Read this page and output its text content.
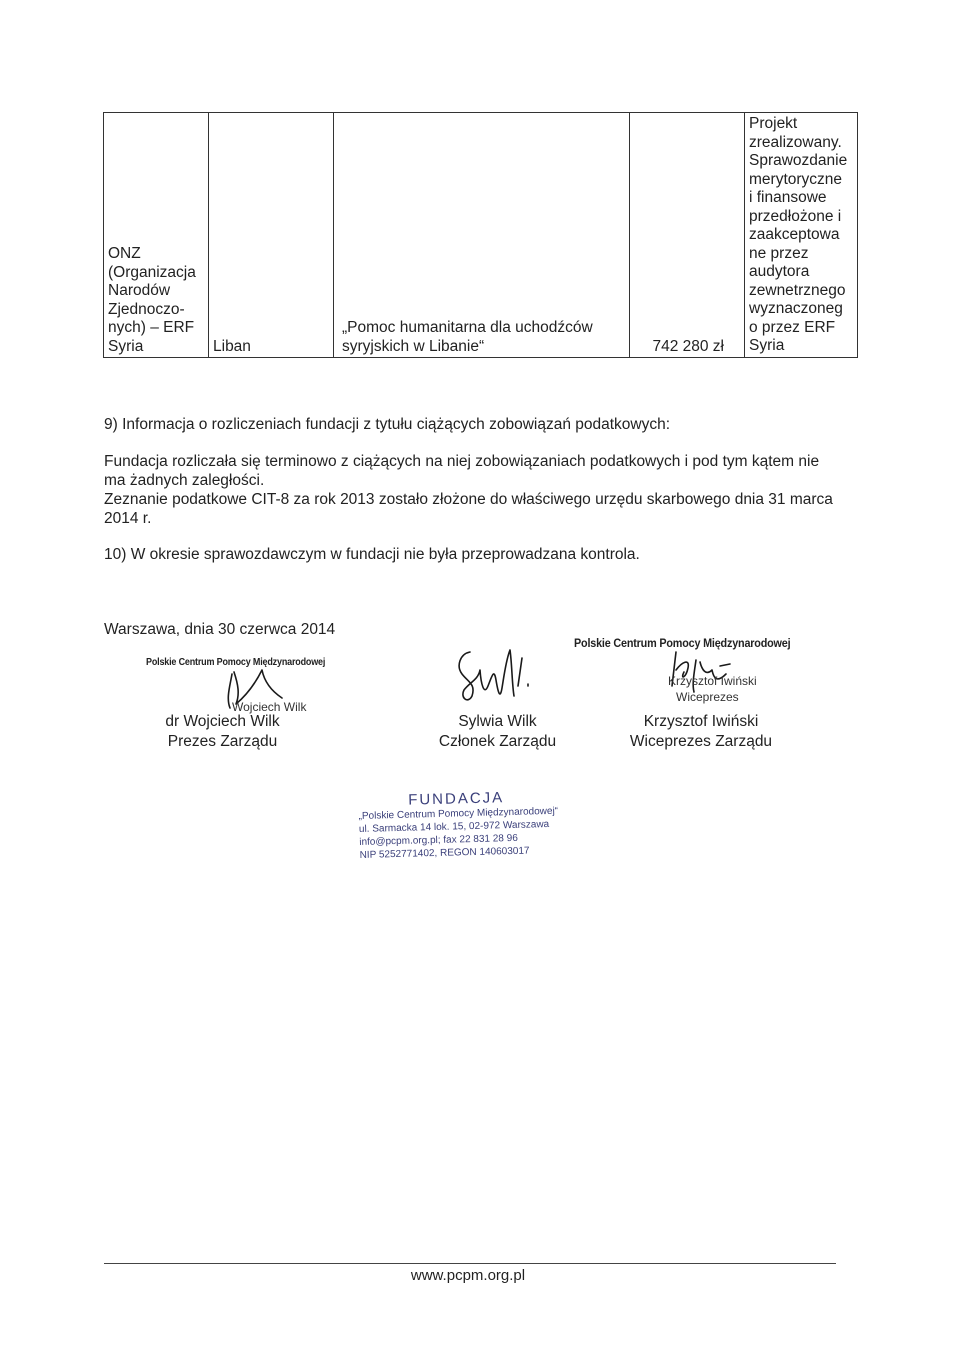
ONZ
(Organizacja
Narodów
Zjednoczo-
nych) – ERF
Syria	Liban	„Pomoc humanitarna dla uchodźców syryjskich w Libanie“	742 280 zł	Projekt
zrealizowany.
Sprawozdanie
merytoryczne
i finansowe
przedłożone i
zaakceptowa
ne przez
audytora
zewnetrznego
wyznaczoneg
o przez ERF
Syria
9) Informacja o rozliczeniach fundacji z tytułu ciążących zobowiązań podatkowych:
Fundacja rozliczała się terminowo z ciążących na niej zobowiązaniach podatkowych i pod tym kątem nie ma żadnych zaległości.
Zeznanie podatkowe CIT-8 za rok 2013 zostało złożone do właściwego urzędu skarbowego dnia 31 marca 2014 r.
10) W okresie sprawozdawczym w fundacji nie była przeprowadzana kontrola.
Warszawa, dnia 30 czerwca 2014
Polskie Centrum Pomocy Międzynarodowej
Wojciech Wilk
dr Wojciech Wilk
Prezes Zarządu
Sylwia Wilk
Członek Zarządu
Polskie Centrum Pomocy Międzynarodowej
Krzysztof Iwiński
Wiceprezes
Krzysztof Iwiński
Wiceprezes Zarządu
FUNDACJA
„Polskie Centrum Pomocy Międzynarodowej“
ul. Sarmacka 14 lok. 15, 02-972 Warszawa
info@pcpm.org.pl; fax 22 831 28 96
NIP 5252771402, REGON 140603017
www.pcpm.org.pl
